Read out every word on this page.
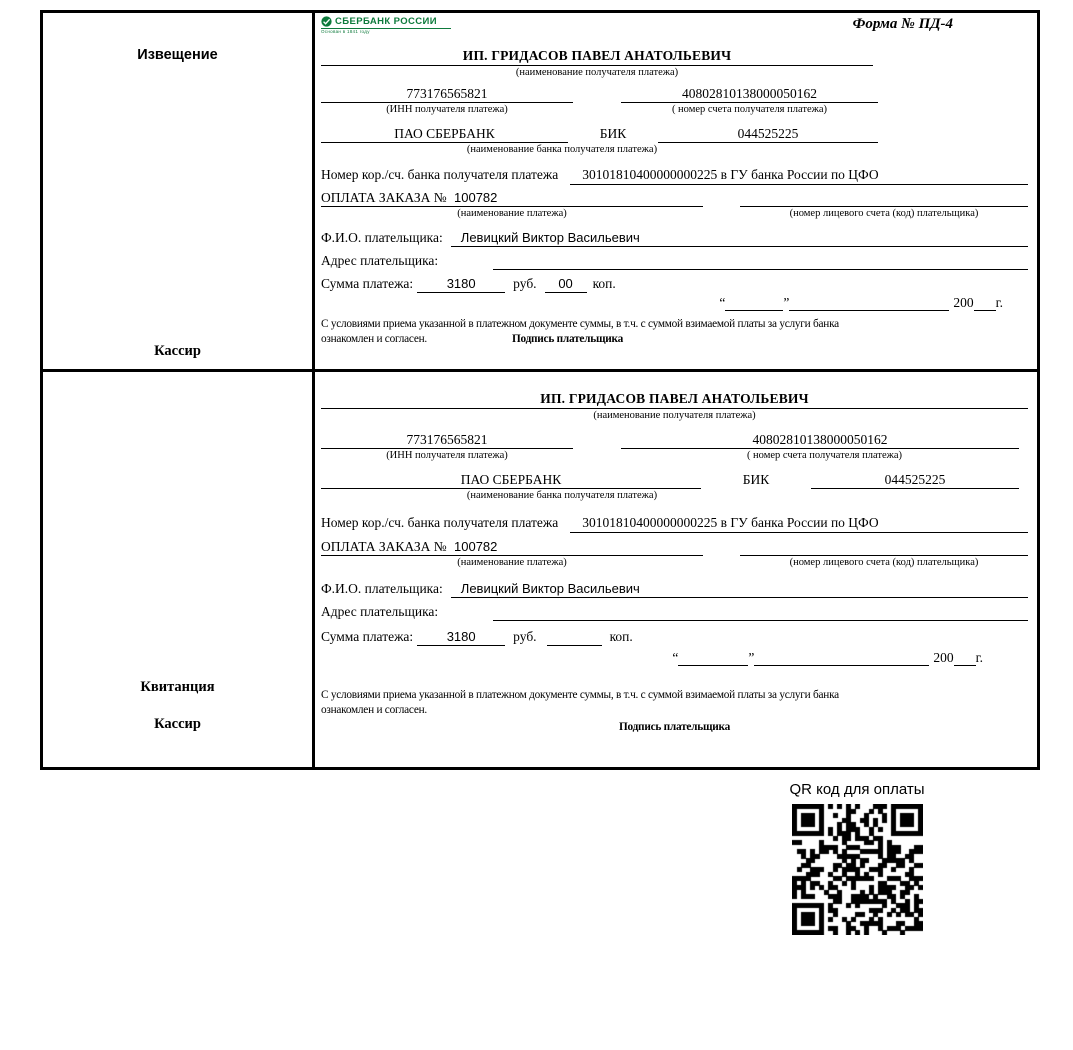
Извещение
Кассир
СБЕРБАНК РОССИИ
Основан в 1841 году	Форма № ПД-4
ИП. ГРИДАСОВ ПАВЕЛ АНАТОЛЬЕВИЧ
(наименование получателя платежа)
773176565821	40802810138000050162
(ИНН получателя платежа)	( номер счета получателя платежа)
ПАО СБЕРБАНК	БИК	044525225
(наименование банка получателя платежа)
Номер кор./сч. банка получателя платежа	30101810400000000225 в ГУ банка России по ЦФО
ОПЛАТА ЗАКАЗА № 100782
(наименование платежа)	(номер лицевого счета (код) плательщика)
Ф.И.О. плательщика:	Левицкий Виктор Васильевич
Адрес плательщика:
Сумма платежа:	3180	руб.	00	коп.
“	”	200 г.
С условиями приема указанной в платежном документе суммы, в т.ч. с суммой взимаемой платы за услуги банка
ознакомлен и согласен.	Подпись плательщика
Квитанция
Кассир
ИП. ГРИДАСОВ ПАВЕЛ АНАТОЛЬЕВИЧ
(наименование получателя платежа)
773176565821	40802810138000050162
(ИНН получателя платежа)	( номер счета получателя платежа)
ПАО СБЕРБАНК	БИК	044525225
(наименование банка получателя платежа)
Номер кор./сч. банка получателя платежа	30101810400000000225 в ГУ банка России по ЦФО
ОПЛАТА ЗАКАЗА № 100782
(наименование платежа)	(номер лицевого счета (код) плательщика)
Ф.И.О. плательщика:	Левицкий Виктор Васильевич
Адрес плательщика:
Сумма платежа:	3180	руб.	коп.
“	”	200 г.
С условиями приема указанной в платежном документе суммы, в т.ч. с суммой взимаемой платы за услуги банка
ознакомлен и согласен.
Подпись плательщика
QR код для оплаты
